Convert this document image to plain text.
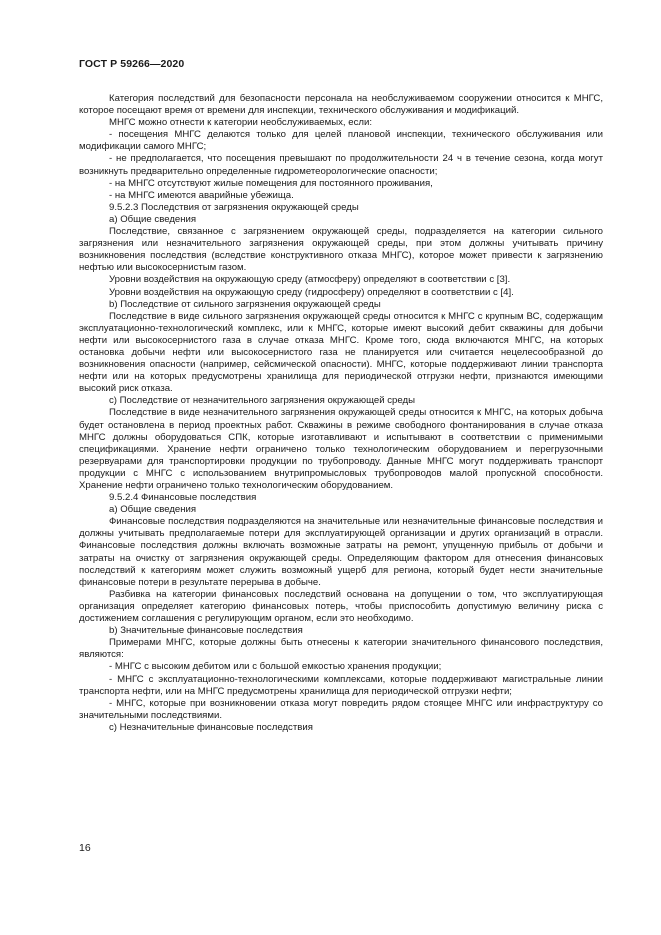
ГОСТ Р 59266—2020

Категория последствий для безопасности персонала на необслуживаемом сооружении относится к МНГС, которое посещают время от времени для инспекции, технического обслуживания и модификаций.

МНГС можно отнести к категории необслуживаемых, если:

- посещения МНГС делаются только для целей плановой инспекции, технического обслуживания или модификации самого МНГС;

- не предполагается, что посещения превышают по продолжительности 24 ч в течение сезона, когда могут возникнуть предварительно определенные гидрометеорологические опасности;

- на МНГС отсутствуют жилые помещения для постоянного проживания,

- на МНГС имеются аварийные убежища.

9.5.2.3 Последствия от загрязнения окружающей среды

а) Общие сведения

Последствие, связанное с загрязнением окружающей среды, подразделяется на категории сильного загрязнения или незначительного загрязнения окружающей среды, при этом должны учитывать причину возникновения последствия (вследствие конструктивного отказа МНГС), которое может привести к загрязнению нефтью или высокосернистым газом.

Уровни воздействия на окружающую среду (атмосферу) определяют в соответствии с [3].

Уровни воздействия на окружающую среду (гидросферу) определяют в соответствии с [4].

b) Последствие от сильного загрязнения окружающей среды

Последствие в виде сильного загрязнения окружающей среды относится к МНГС с крупным ВС, содержащим эксплуатационно-технологический комплекс, или к МНГС, которые имеют высокий дебит скважины для добычи нефти или высокосернистого газа в случае отказа МНГС. Кроме того, сюда включаются МНГС, на которых остановка добычи нефти или высокосернистого газа не планируется или считается нецелесообразной до возникновения опасности (например, сейсмической опасности). МНГС, которые поддерживают линии транспорта нефти или на которых предусмотрены хранилища для периодической отгрузки нефти, признаются имеющими высокий риск отказа.

с) Последствие от незначительного загрязнения окружающей среды

Последствие в виде незначительного загрязнения окружающей среды относится к МНГС, на которых добыча будет остановлена в период проектных работ. Скважины в режиме свободного фонтанирования в случае отказа МНГС должны оборудоваться СПК, которые изготавливают и испытывают в соответствии с применимыми спецификациями. Хранение нефти ограничено только технологическим оборудованием и перегрузочными резервуарами для транспортировки продукции по трубопроводу. Данные МНГС могут поддерживать транспорт продукции с МНГС с использованием внутрипромысловых трубопроводов малой пропускной способности. Хранение нефти ограничено только технологическим оборудованием.

9.5.2.4 Финансовые последствия

а) Общие сведения

Финансовые последствия подразделяются на значительные или незначительные финансовые последствия и должны учитывать предполагаемые потери для эксплуатирующей организации и других организаций в отрасли. Финансовые последствия должны включать возможные затраты на ремонт, упущенную прибыль от добычи и затраты на очистку от загрязнения окружающей среды. Определяющим фактором для отнесения финансовых последствий к категориям может служить возможный ущерб для региона, который будет нести значительные финансовые потери в результате перерыва в добыче.

Разбивка на категории финансовых последствий основана на допущении о том, что эксплуатирующая организация определяет категорию финансовых потерь, чтобы приспособить допустимую величину риска с достижением соглашения с регулирующим органом, если это необходимо.

b) Значительные финансовые последствия

Примерами МНГС, которые должны быть отнесены к категории значительного финансового последствия, являются:

- МНГС с высоким дебитом или с большой емкостью хранения продукции;

- МНГС с эксплуатационно-технологическими комплексами, которые поддерживают магистральные линии транспорта нефти, или на МНГС предусмотрены хранилища для периодической отгрузки нефти;

- МНГС, которые при возникновении отказа могут повредить рядом стоящее МНГС или инфраструктуру со значительными последствиями.

с) Незначительные финансовые последствия

16
